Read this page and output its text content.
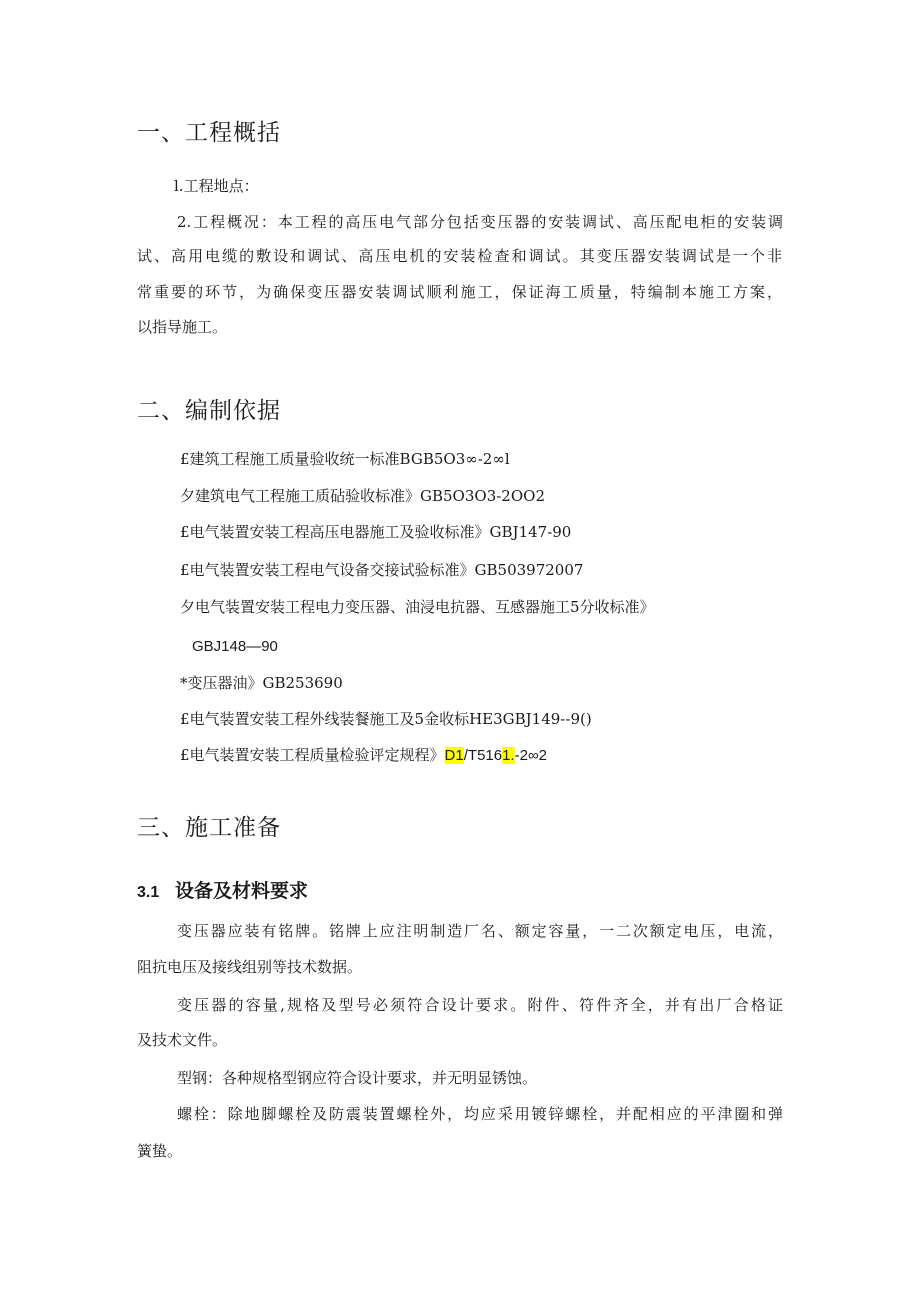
一、工程概括
l.工程地点：
2.工程概况：本工程的高压电气部分包括变压器的安装调试、高压配电柜的安装调
试、高用电缆的敷设和调试、高压电机的安装检查和调试。其变压器安装调试是一个非
常重要的环节，为确保变压器安装调试顺利施工，保证海工质量，特编制本施工方案，
以指导施工。
二、编制依据
£建筑工程施工质量验收统一标准BGB5O3∞-2∞l
夕建筑电气工程施工质砧验收标准》GB5O3O3-2OO2
£电气装置安装工程高压电器施工及验收标准》GBJ147-90
£电气装置安装工程电气设备交接试验标准》GB503972007
夕电气装置安装工程电力变压器、油浸电抗器、互感器施工5分收标准》
GBJ148—90
*变压器油》GB253690
£电气装置安装工程外线装餐施工及5金收标HE3GBJ149--9()
£电气装置安装工程质量检验评定规程》D1/T5161.-2∞2
三、施工准备
3.1 设备及材料要求
变压器应装有铭牌。铭牌上应注明制造厂名、额定容量，一二次额定电压，电流，
阻抗电压及接线组别等技术数据。
变压器的容量,规格及型号必须符合设计要求。附件、符件齐全，并有出厂合格证
及技术文件。
型钢：各种规格型钢应符合设计要求，并无明显锈蚀。
螺栓：除地脚螺栓及防震装置螺栓外，均应采用镀锌螺栓，并配相应的平津圈和弹
簧蛰。
